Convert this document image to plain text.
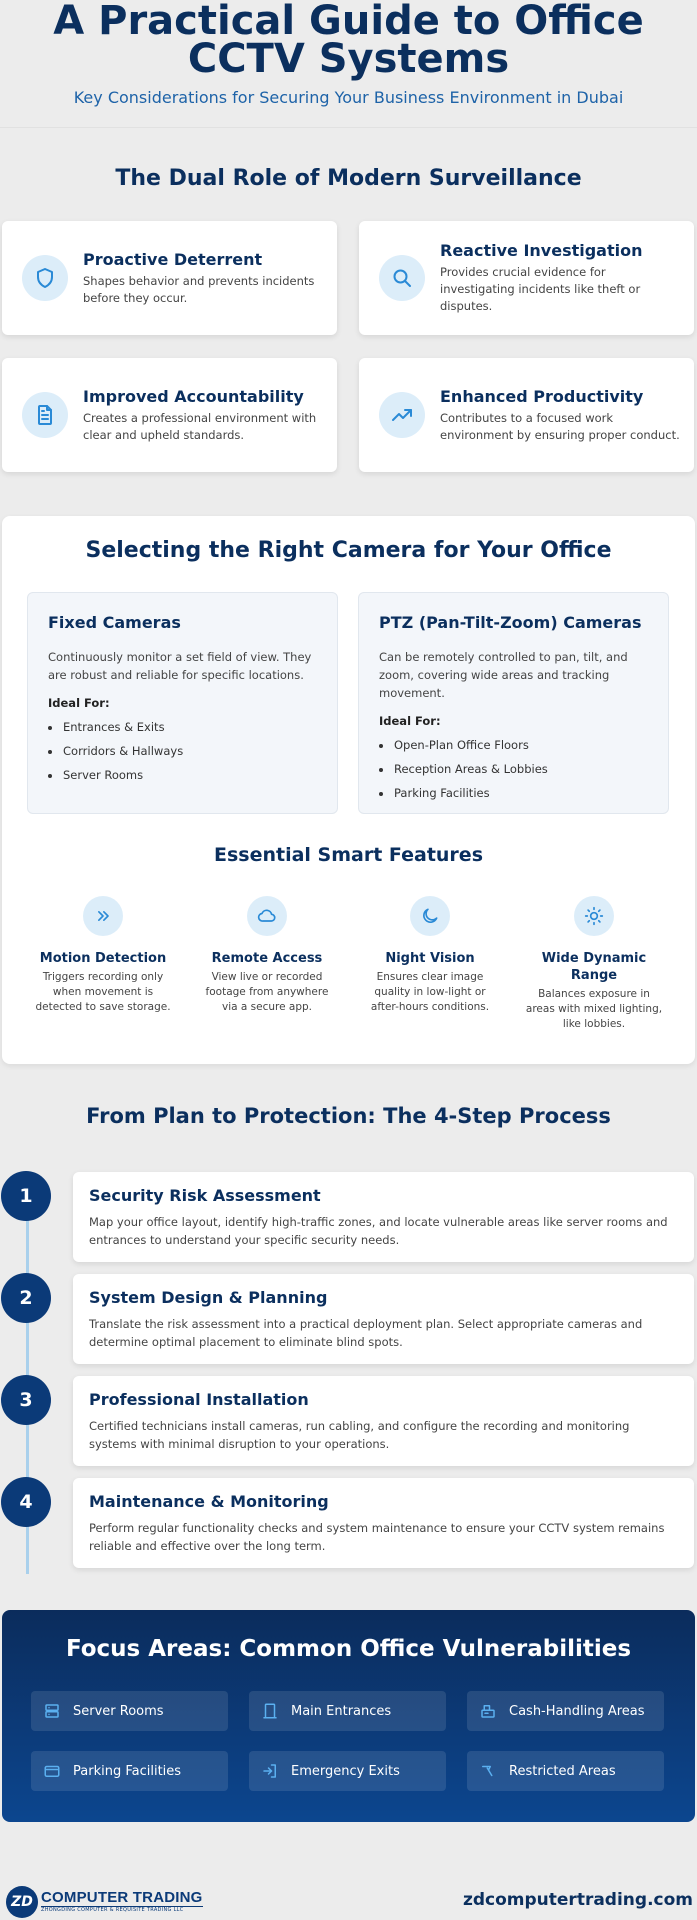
A Practical Guide to Office CCTV Systems
Key Considerations for Securing Your Business Environment in Dubai
The Dual Role of Modern Surveillance
Proactive Deterrent
Shapes behavior and prevents incidents before they occur.
Reactive Investigation
Provides crucial evidence for investigating incidents like theft or disputes.
Improved Accountability
Creates a professional environment with clear and upheld standards.
Enhanced Productivity
Contributes to a focused work environment by ensuring proper conduct.
Selecting the Right Camera for Your Office
Fixed Cameras
Continuously monitor a set field of view. They are robust and reliable for specific locations.
Ideal For:
Entrances & Exits
Corridors & Hallways
Server Rooms
PTZ (Pan-Tilt-Zoom) Cameras
Can be remotely controlled to pan, tilt, and zoom, covering wide areas and tracking movement.
Ideal For:
Open-Plan Office Floors
Reception Areas & Lobbies
Parking Facilities
Essential Smart Features
Motion Detection
Triggers recording only when movement is detected to save storage.
Remote Access
View live or recorded footage from anywhere via a secure app.
Night Vision
Ensures clear image quality in low-light or after-hours conditions.
Wide Dynamic Range
Balances exposure in areas with mixed lighting, like lobbies.
From Plan to Protection: The 4-Step Process
1	Security Risk Assessment
Map your office layout, identify high-traffic zones, and locate vulnerable areas like server rooms and entrances to understand your specific security needs.
2	System Design & Planning
Translate the risk assessment into a practical deployment plan. Select appropriate cameras and determine optimal placement to eliminate blind spots.
3	Professional Installation
Certified technicians install cameras, run cabling, and configure the recording and monitoring systems with minimal disruption to your operations.
4	Maintenance & Monitoring
Perform regular functionality checks and system maintenance to ensure your CCTV system remains reliable and effective over the long term.
Focus Areas: Common Office Vulnerabilities
Server Rooms	Main Entrances	Cash-Handling Areas
Parking Facilities	Emergency Exits	Restricted Areas
ZD COMPUTER TRADING
ZHONGDING COMPUTER & REQUISITE TRADING LLC	zdcomputertrading.com
